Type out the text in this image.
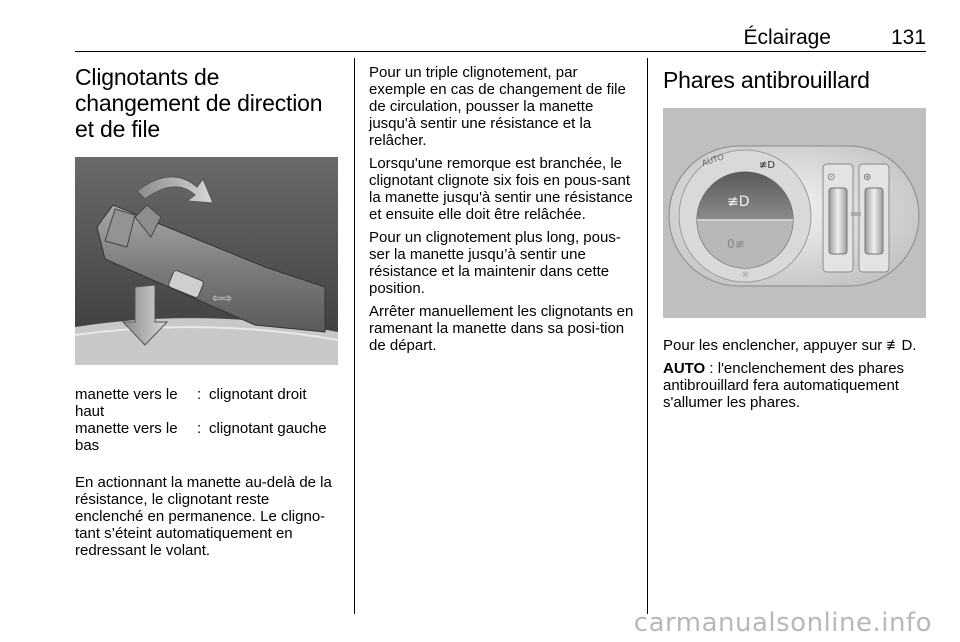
Éclairage	131
Clignotants de changement de direction et de file
⇦⇨
manette vers le haut
: clignotant droit
manette vers le bas
: clignotant gauche

En actionnant la manette au-delà de la résistance, le clignotant reste enclenché en permanence. Le cligno-tant s’éteint automatiquement en redressant le volant.

Pour un triple clignotement, par exemple en cas de changement de file de circulation, pousser la manette jusqu'à sentir une résistance et la relâcher.

Lorsqu'une remorque est branchée, le clignotant clignote six fois en pous-sant la manette jusqu'à sentir une résistance et ensuite elle doit être relâchée.

Pour un clignotement plus long, pous-ser la manette jusqu’à sentir une résistance et la maintenir dans cette position.

Arrêter manuellement les clignotants en ramenant la manette dans sa posi-tion de départ.

Phares antibrouillard
AUTO	≢D
≢D
0≢
☼
⊙	⊛

Pour les enclencher, appuyer sur ≢D.

AUTO : l'enclenchement des phares antibrouillard fera automatiquement s'allumer les phares.

carmanualsonline.info
